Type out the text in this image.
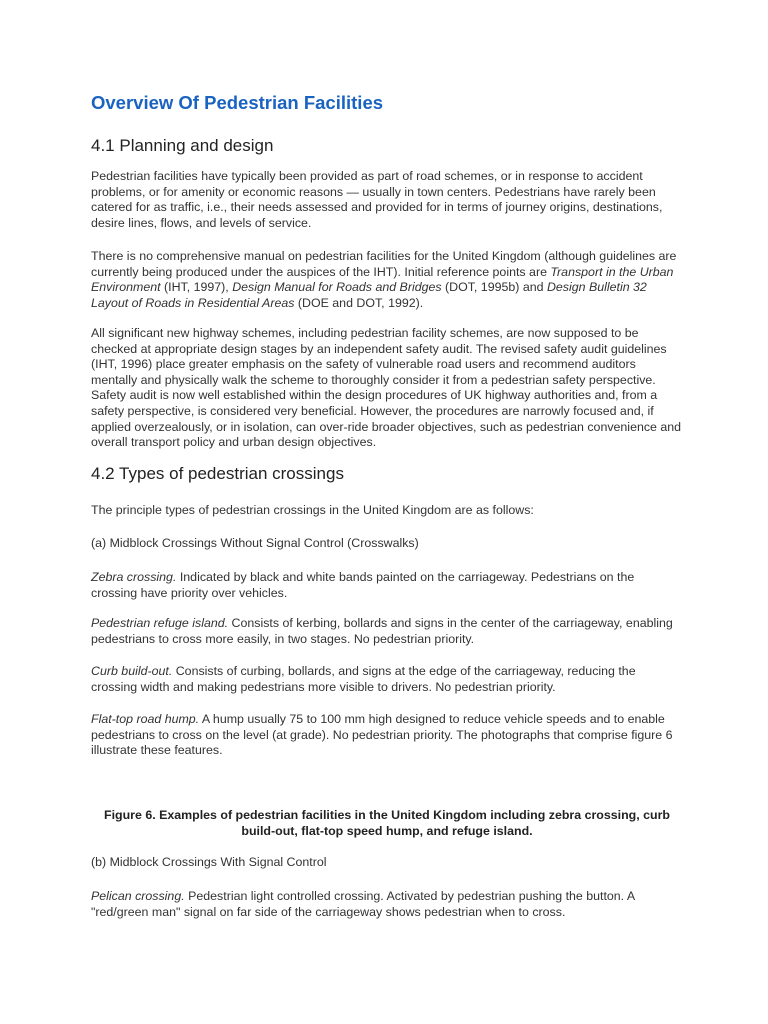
Overview Of Pedestrian Facilities
4.1 Planning and design

Pedestrian facilities have typically been provided as part of road schemes, or in response to accident problems, or for amenity or economic reasons — usually in town centers. Pedestrians have rarely been catered for as traffic, i.e., their needs assessed and provided for in terms of journey origins, destinations, desire lines, flows, and levels of service.

There is no comprehensive manual on pedestrian facilities for the United Kingdom (although guidelines are currently being produced under the auspices of the IHT). Initial reference points are Transport in the Urban Environment (IHT, 1997), Design Manual for Roads and Bridges (DOT, 1995b) and Design Bulletin 32 Layout of Roads in Residential Areas (DOE and DOT, 1992).

All significant new highway schemes, including pedestrian facility schemes, are now supposed to be checked at appropriate design stages by an independent safety audit. The revised safety audit guidelines (IHT, 1996) place greater emphasis on the safety of vulnerable road users and recommend auditors mentally and physically walk the scheme to thoroughly consider it from a pedestrian safety perspective. Safety audit is now well established within the design procedures of UK highway authorities and, from a safety perspective, is considered very beneficial. However, the procedures are narrowly focused and, if applied overzealously, or in isolation, can over-ride broader objectives, such as pedestrian convenience and overall transport policy and urban design objectives.

4.2 Types of pedestrian crossings

The principle types of pedestrian crossings in the United Kingdom are as follows:

(a) Midblock Crossings Without Signal Control (Crosswalks)

Zebra crossing. Indicated by black and white bands painted on the carriageway. Pedestrians on the crossing have priority over vehicles.

Pedestrian refuge island. Consists of kerbing, bollards and signs in the center of the carriageway, enabling pedestrians to cross more easily, in two stages. No pedestrian priority.

Curb build-out. Consists of curbing, bollards, and signs at the edge of the carriageway, reducing the crossing width and making pedestrians more visible to drivers. No pedestrian priority.

Flat-top road hump. A hump usually 75 to 100 mm high designed to reduce vehicle speeds and to enable pedestrians to cross on the level (at grade). No pedestrian priority. The photographs that comprise figure 6 illustrate these features.

Figure 6. Examples of pedestrian facilities in the United Kingdom including zebra crossing, curb build-out, flat-top speed hump, and refuge island.

(b) Midblock Crossings With Signal Control

Pelican crossing. Pedestrian light controlled crossing. Activated by pedestrian pushing the button. A "red/green man" signal on far side of the carriageway shows pedestrian when to cross.
